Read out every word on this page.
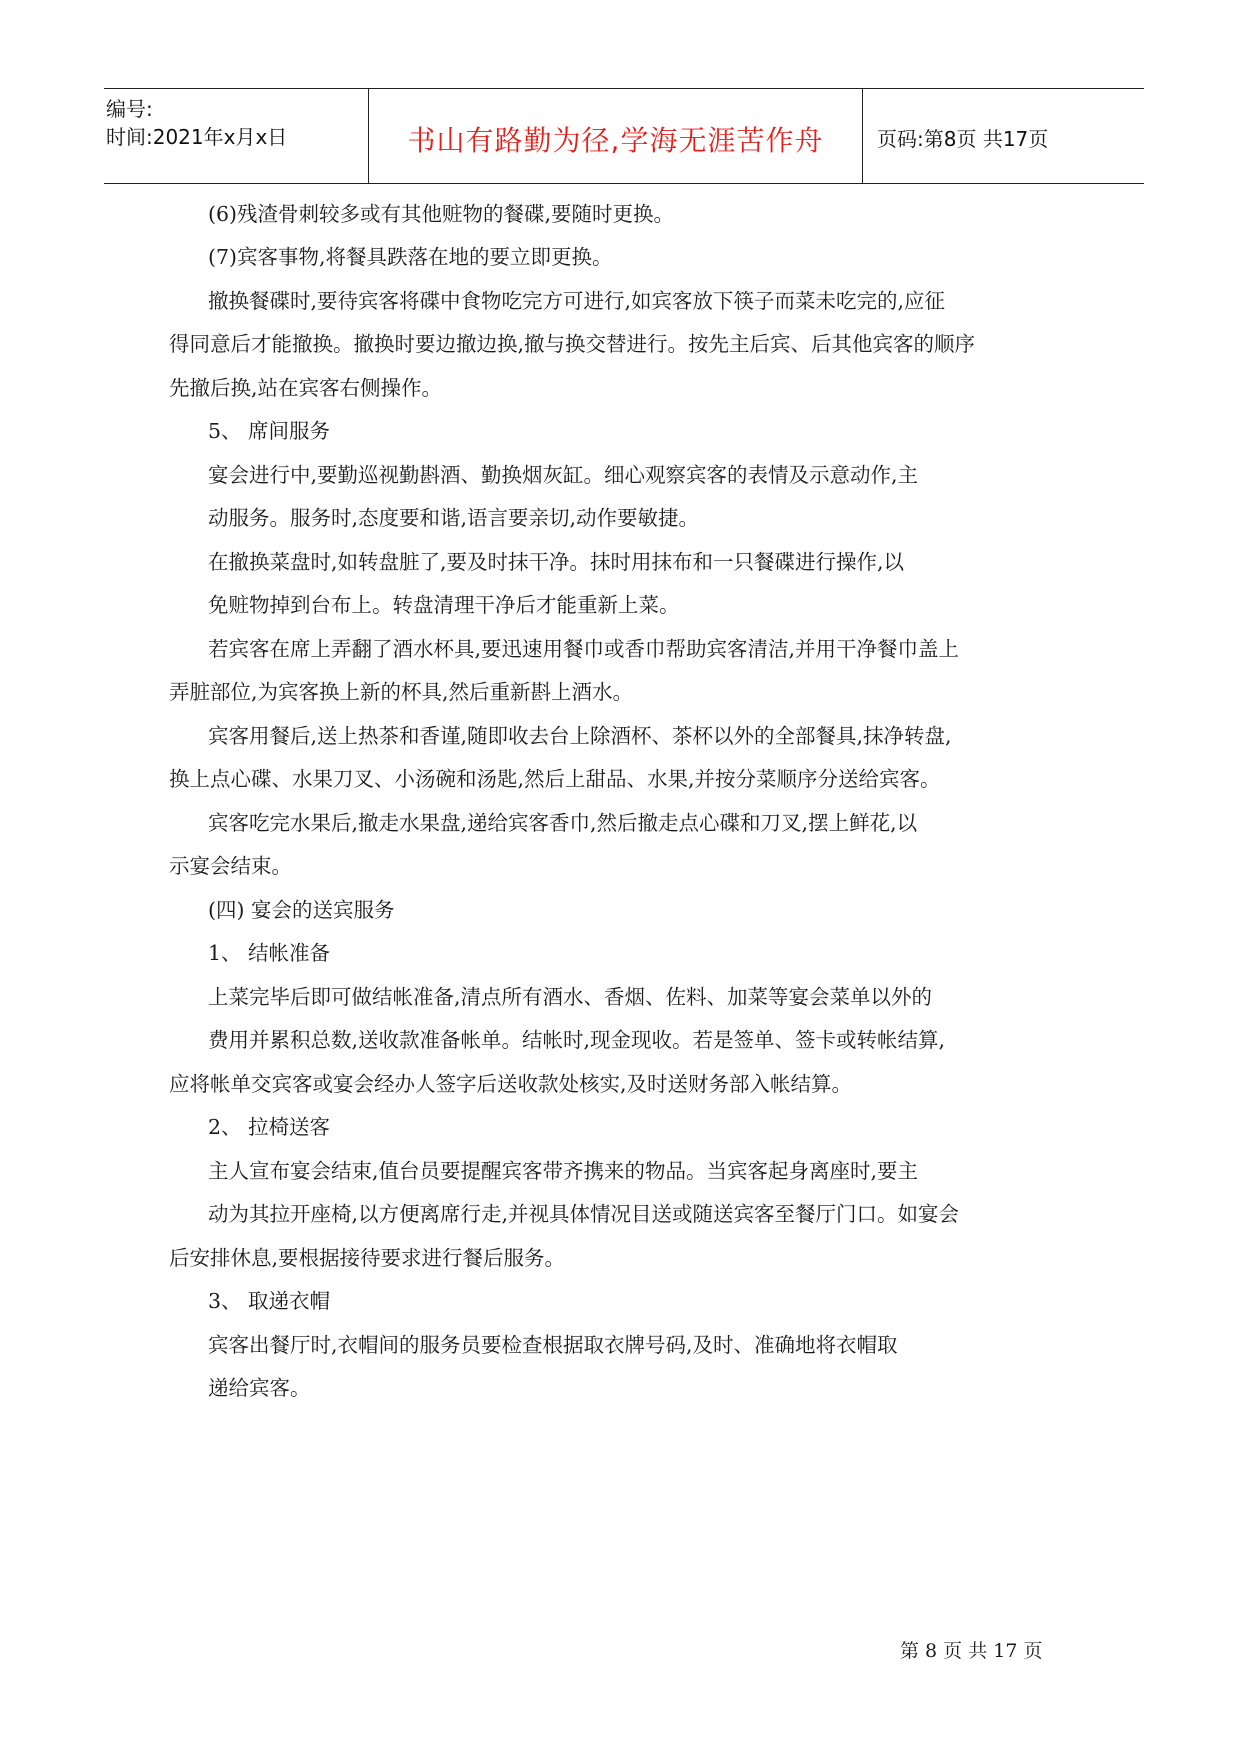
编号:
时间:2021年x月x日	书山有路勤为径,学海无涯苦作舟	页码:第8页 共17页
(6)残渣骨刺较多或有其他赃物的餐碟,要随时更换。
(7)宾客事物,将餐具跌落在地的要立即更换。
撤换餐碟时,要待宾客将碟中食物吃完方可进行,如宾客放下筷子而菜未吃完的,应征
得同意后才能撤换。撤换时要边撤边换,撤与换交替进行。按先主后宾、后其他宾客的顺序
先撤后换,站在宾客右侧操作。
5、 席间服务
宴会进行中,要勤巡视勤斟酒、勤换烟灰缸。细心观察宾客的表情及示意动作,主
动服务。服务时,态度要和谐,语言要亲切,动作要敏捷。
在撤换菜盘时,如转盘脏了,要及时抹干净。抹时用抹布和一只餐碟进行操作,以
免赃物掉到台布上。转盘清理干净后才能重新上菜。
若宾客在席上弄翻了酒水杯具,要迅速用餐巾或香巾帮助宾客清洁,并用干净餐巾盖上
弄脏部位,为宾客换上新的杯具,然后重新斟上酒水。
宾客用餐后,送上热茶和香谨,随即收去台上除酒杯、茶杯以外的全部餐具,抹净转盘,
换上点心碟、水果刀叉、小汤碗和汤匙,然后上甜品、水果,并按分菜顺序分送给宾客。
宾客吃完水果后,撤走水果盘,递给宾客香巾,然后撤走点心碟和刀叉,摆上鲜花,以
示宴会结束。
(四) 宴会的送宾服务
1、 结帐准备
上菜完毕后即可做结帐准备,清点所有酒水、香烟、佐料、加菜等宴会菜单以外的
费用并累积总数,送收款准备帐单。结帐时,现金现收。若是签单、签卡或转帐结算,
应将帐单交宾客或宴会经办人签字后送收款处核实,及时送财务部入帐结算。
2、 拉椅送客
主人宣布宴会结束,值台员要提醒宾客带齐携来的物品。当宾客起身离座时,要主
动为其拉开座椅,以方便离席行走,并视具体情况目送或随送宾客至餐厅门口。如宴会
后安排休息,要根据接待要求进行餐后服务。
3、 取递衣帽
宾客出餐厅时,衣帽间的服务员要检查根据取衣牌号码,及时、准确地将衣帽取
递给宾客。
第 8 页 共 17 页
